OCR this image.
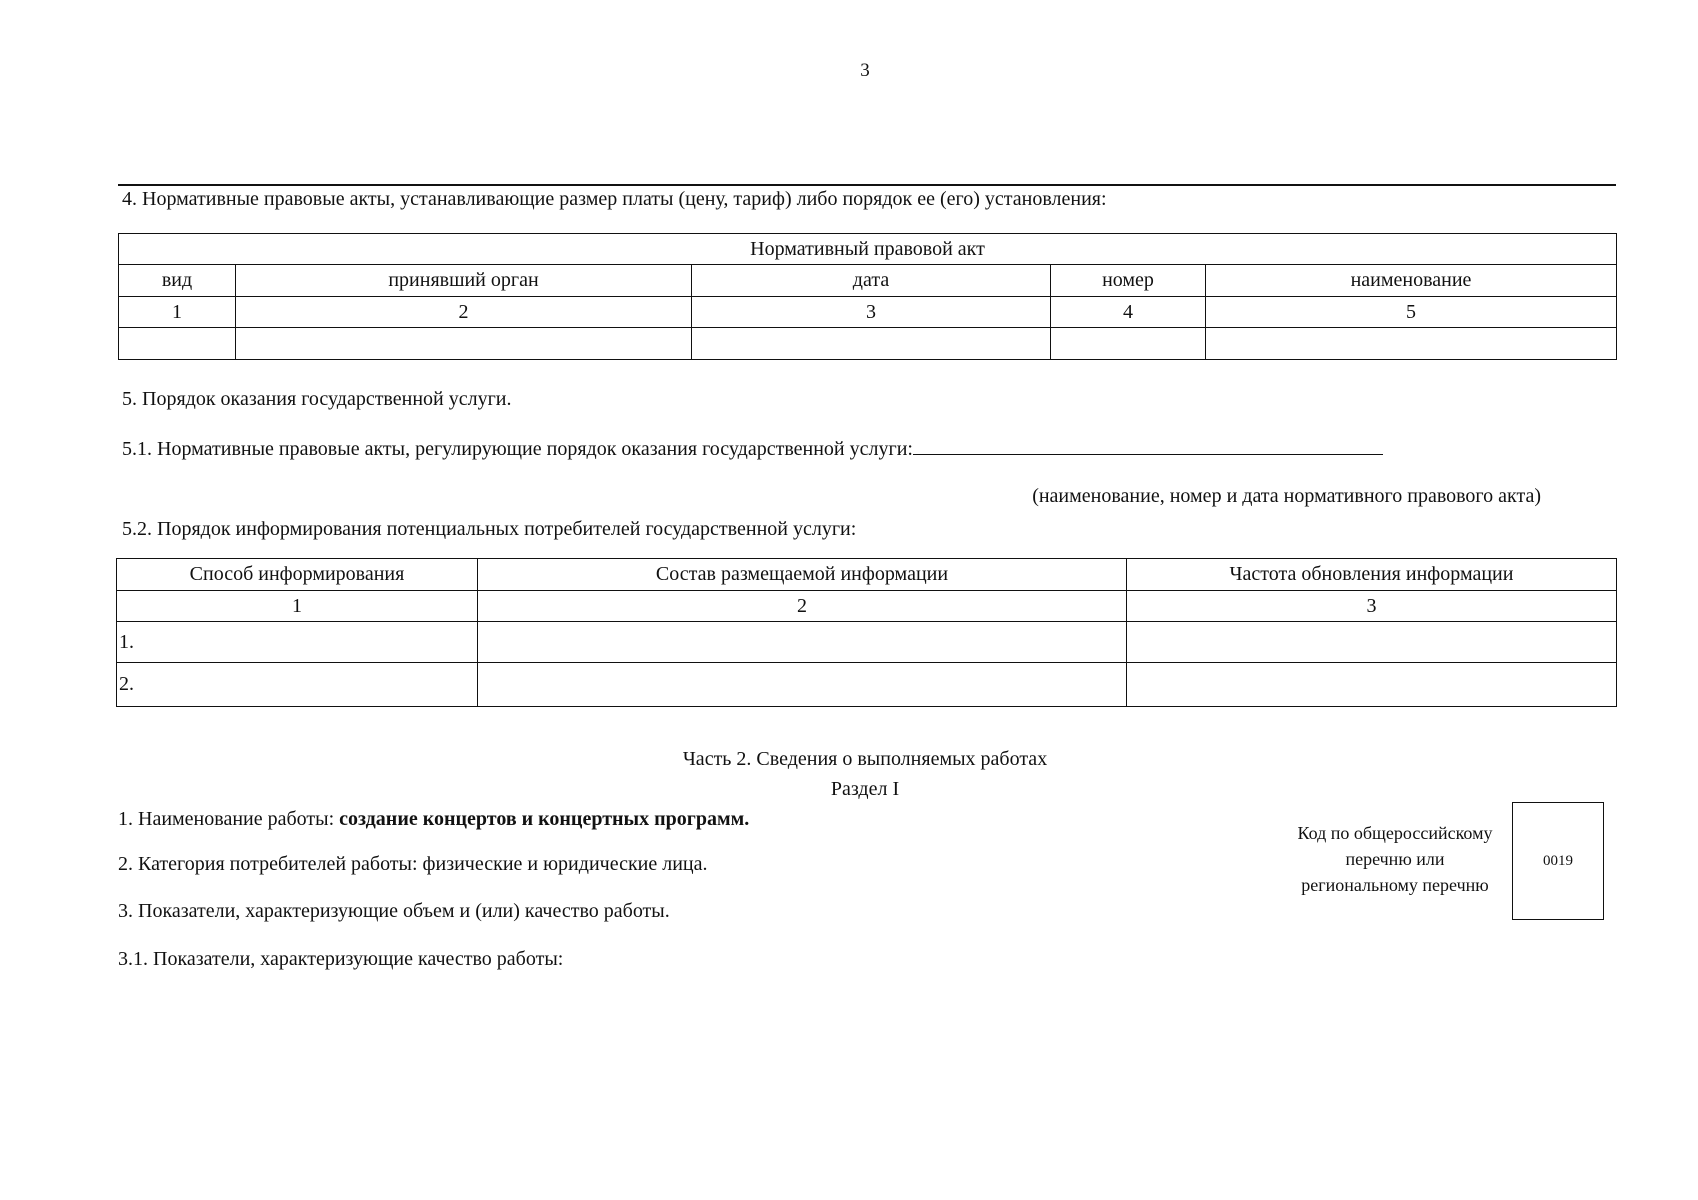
3
4. Нормативные правовые акты, устанавливающие размер платы (цену, тариф) либо порядок ее (его) установления:
Нормативный правовой акт				
вид	принявший орган	дата	номер	наименование
1	2	3	4	5

5. Порядок оказания государственной услуги.
5.1. Нормативные правовые акты, регулирующие порядок оказания государственной услуги:
(наименование, номер и дата нормативного правового акта)
5.2. Порядок информирования потенциальных потребителей государственной услуги:
Способ информирования	Состав размещаемой информации	Частота обновления информации
1	2	3
1.		
2.		
Часть 2. Сведения о выполняемых работах
Раздел I
1. Наименование работы: создание концертов и концертных программ.
2. Категория потребителей работы: физические и юридические лица.
3. Показатели, характеризующие объем и (или) качество работы.
3.1. Показатели, характеризующие качество работы:
Код по общероссийскому
перечню или
региональному перечню
0019
